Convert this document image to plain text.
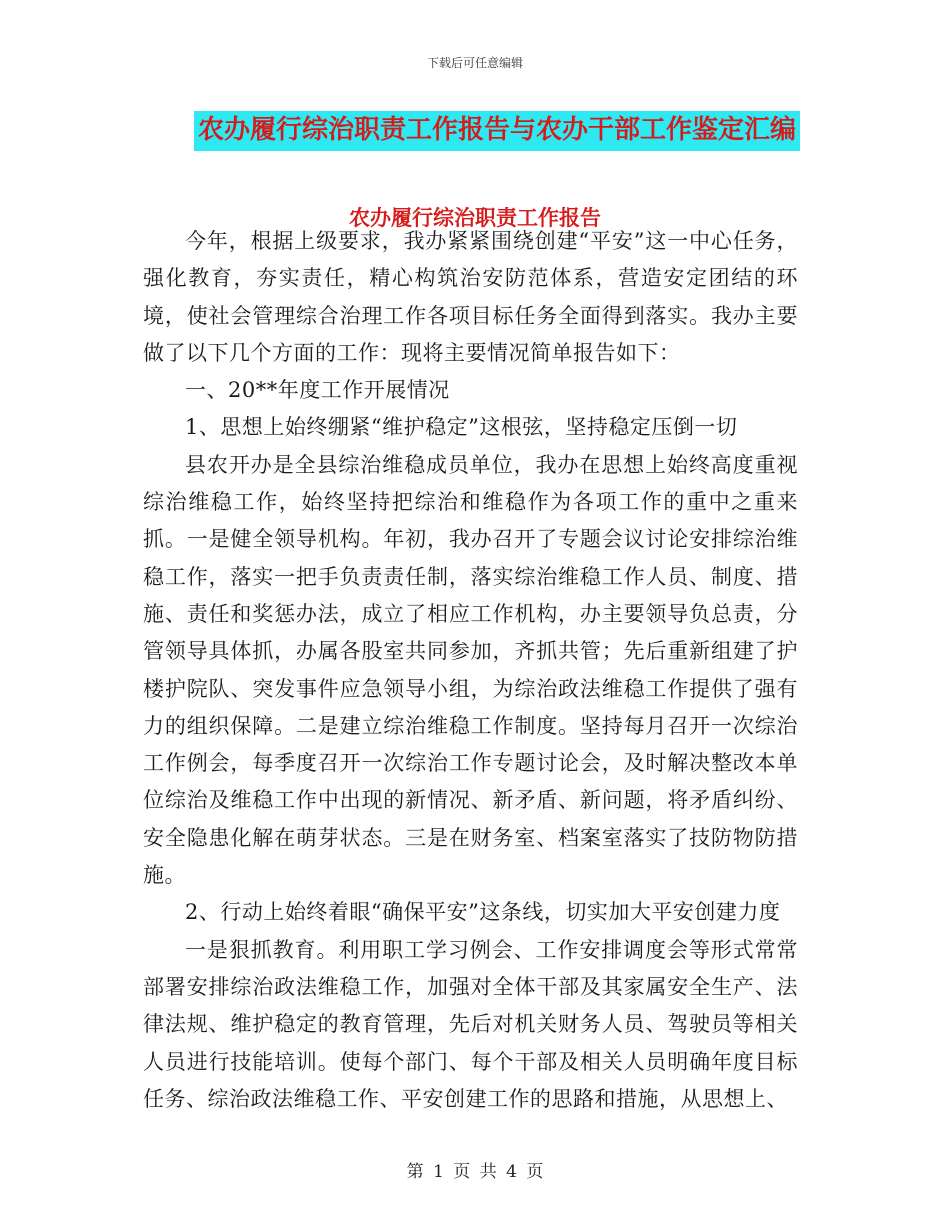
下载后可任意编辑
农办履行综治职责工作报告与农办干部工作鉴定汇编
农办履行综治职责工作报告

今年，根据上级要求，我办紧紧围绕创建“平安”这一中心任务，强化教育，夯实责任，精心构筑治安防范体系，营造安定团结的环境，使社会管理综合治理工作各项目标任务全面得到落实。我办主要做了以下几个方面的工作：现将主要情况简单报告如下：

一、20**年度工作开展情况

1、思想上始终绷紧“维护稳定”这根弦，坚持稳定压倒一切

县农开办是全县综治维稳成员单位，我办在思想上始终高度重视综治维稳工作，始终坚持把综治和维稳作为各项工作的重中之重来抓。一是健全领导机构。年初，我办召开了专题会议讨论安排综治维稳工作，落实一把手负责责任制，落实综治维稳工作人员、制度、措施、责任和奖惩办法，成立了相应工作机构，办主要领导负总责，分管领导具体抓，办属各股室共同参加，齐抓共管；先后重新组建了护楼护院队、突发事件应急领导小组，为综治政法维稳工作提供了强有力的组织保障。二是建立综治维稳工作制度。坚持每月召开一次综治工作例会，每季度召开一次综治工作专题讨论会，及时解决整改本单位综治及维稳工作中出现的新情况、新矛盾、新问题，将矛盾纠纷、安全隐患化解在萌芽状态。三是在财务室、档案室落实了技防物防措施。

2、行动上始终着眼“确保平安”这条线，切实加大平安创建力度

一是狠抓教育。利用职工学习例会、工作安排调度会等形式常常部署安排综治政法维稳工作，加强对全体干部及其家属安全生产、法律法规、维护稳定的教育管理，先后对机关财务人员、驾驶员等相关人员进行技能培训。使每个部门、每个干部及相关人员明确年度目标任务、综治政法维稳工作、平安创建工作的思路和措施，从思想上、

第 1 页 共 4 页
